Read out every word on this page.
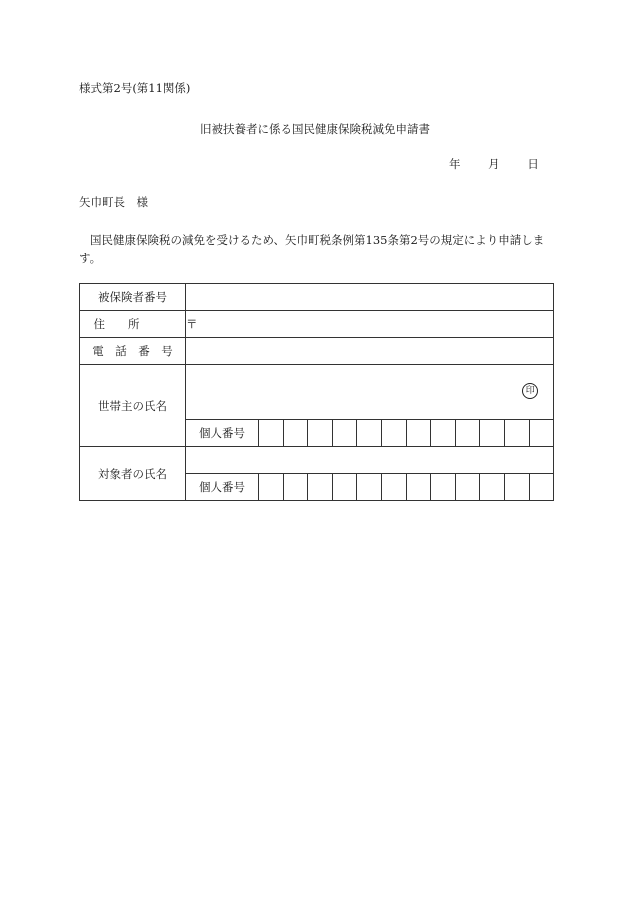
様式第2号(第11関係)
旧被扶養者に係る国民健康保険税減免申請書
年 月 日
矢巾町長　様
国民健康保険税の減免を受けるため、矢巾町税条例第135条第2号の規定により申請します。
被保険者番号													
住　　所	〒												
電　話　番　号													
世帯主の氏名	印												

	個人番号												
対象者の氏名													
	個人番号												
